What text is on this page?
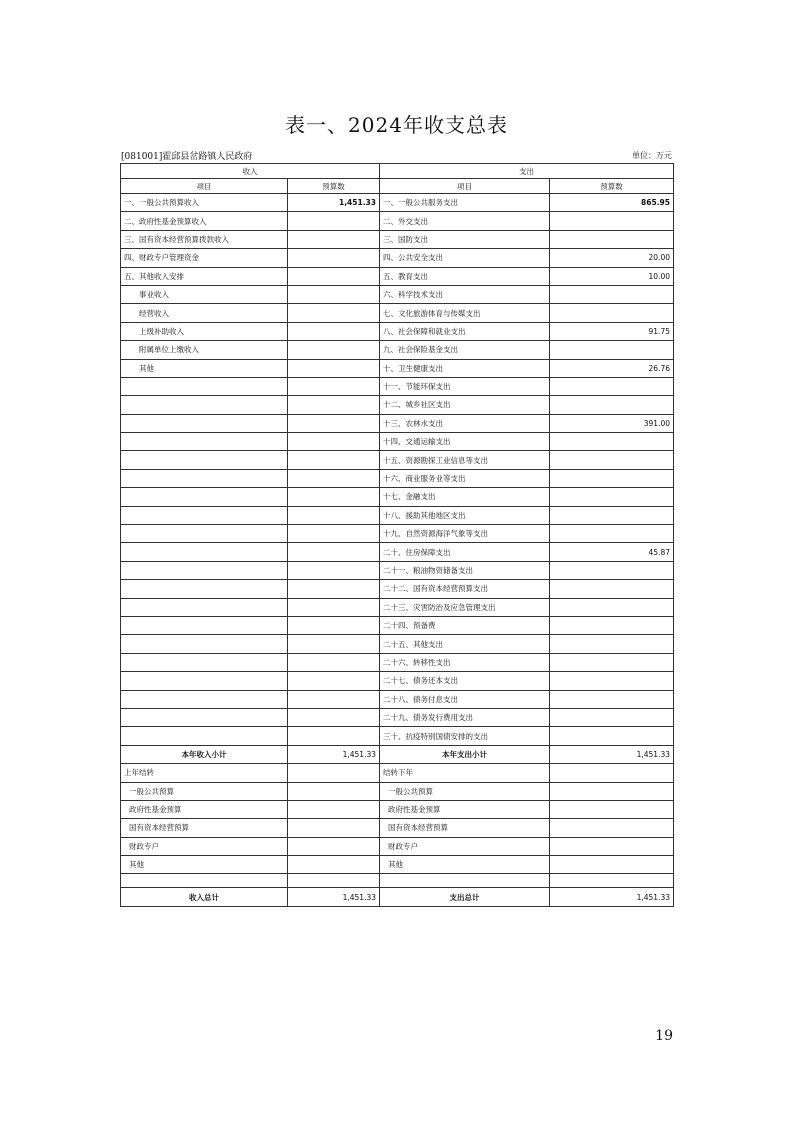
表一、2024年收支总表
[081001]霍邱县岔路镇人民政府	单位：万元
收入		支出	
项目	预算数	项目	预算数
一、一般公共预算收入	1,451.33	一、一般公共服务支出	865.95
二、政府性基金预算收入		二、外交支出	
三、国有资本经营预算拨款收入		三、国防支出	
四、财政专户管理资金		四、公共安全支出	20.00
五、其他收入安排		五、教育支出	10.00
事业收入		六、科学技术支出	
经营收入		七、文化旅游体育与传媒支出	
上级补助收入		八、社会保障和就业支出	91.75
附属单位上缴收入		九、社会保险基金支出	
其他		十、卫生健康支出	26.76
		十一、节能环保支出	
		十二、城乡社区支出	
		十三、农林水支出	391.00
		十四、交通运输支出	
		十五、资源勘探工业信息等支出	
		十六、商业服务业等支出	
		十七、金融支出	
		十八、援助其他地区支出	
		十九、自然资源海洋气象等支出	
		二十、住房保障支出	45.87
		二十一、粮油物资储备支出	
		二十二、国有资本经营预算支出	
		二十三、灾害防治及应急管理支出	
		二十四、预备费	
		二十五、其他支出	
		二十六、转移性支出	
		二十七、债务还本支出	
		二十八、债务付息支出	
		二十九、债务发行费用支出	
		三十、抗疫特别国债安排的支出	
本年收入小计	1,451.33	本年支出小计	1,451.33
上年结转		结转下年	
一般公共预算		一般公共预算	
政府性基金预算		政府性基金预算	
国有资本经营预算		国有资本经营预算	
财政专户		财政专户	
其他		其他	

收入总计	1,451.33	支出总计	1,451.33
19
